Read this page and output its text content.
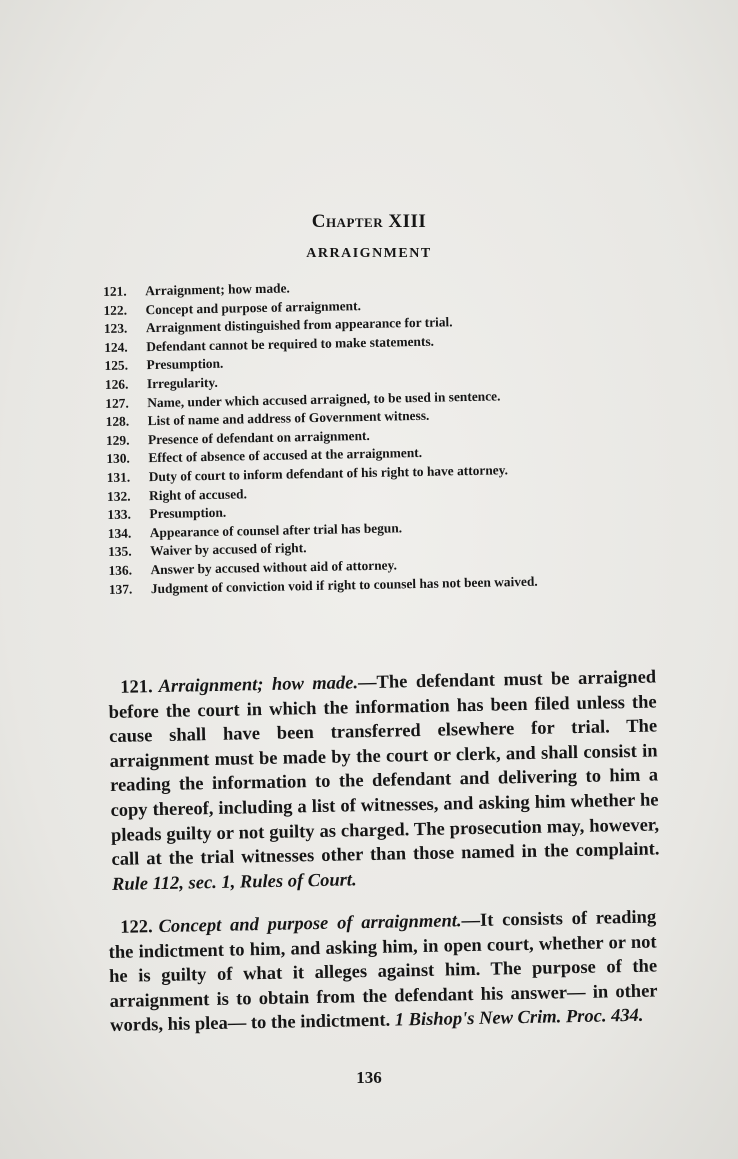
Chapter XIII
ARRAIGNMENT
121.	Arraignment; how made.
122.	Concept and purpose of arraignment.
123.	Arraignment distinguished from appearance for trial.
124.	Defendant cannot be required to make statements.
125.	Presumption.
126.	Irregularity.
127.	Name, under which accused arraigned, to be used in sentence.
128.	List of name and address of Government witness.
129.	Presence of defendant on arraignment.
130.	Effect of absence of accused at the arraignment.
131.	Duty of court to inform defendant of his right to have attorney.
132.	Right of accused.
133.	Presumption.
134.	Appearance of counsel after trial has begun.
135.	Waiver by accused of right.
136.	Answer by accused without aid of attorney.
137.	Judgment of conviction void if right to counsel has not been waived.

121. Arraignment; how made.—The defendant must be arraigned before the court in which the information has been filed unless the cause shall have been transferred elsewhere for trial. The arraignment must be made by the court or clerk, and shall consist in reading the information to the defendant and delivering to him a copy thereof, including a list of witnesses, and asking him whether he pleads guilty or not guilty as charged. The prosecution may, however, call at the trial witnesses other than those named in the complaint. Rule 112, sec. 1, Rules of Court.

122. Concept and purpose of arraignment.—It consists of reading the indictment to him, and asking him, in open court, whether or not he is guilty of what it alleges against him. The purpose of the arraignment is to obtain from the defendant his answer— in other words, his plea— to the indictment. 1 Bishop's New Crim. Proc. 434.

136
